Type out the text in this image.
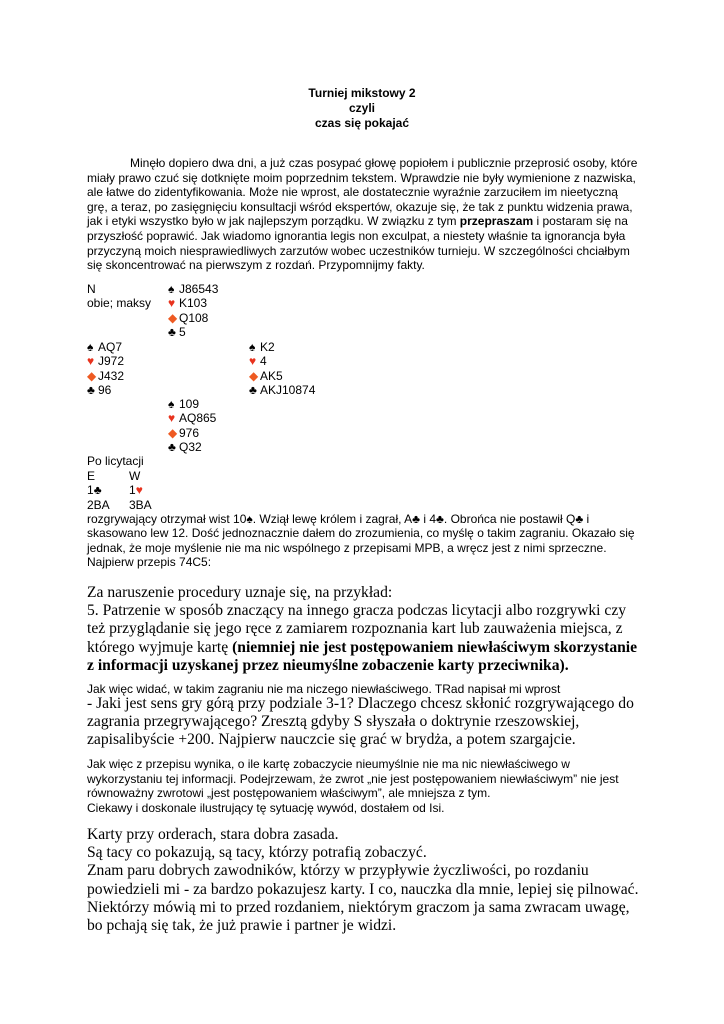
Turniej mikstowy 2
czyli
czas się pokajać

Minęło dopiero dwa dni, a już czas posypać głowę popiołem i publicznie przeprosić osoby, które miały prawo czuć się dotknięte moim poprzednim tekstem. Wprawdzie nie były wymienione z nazwiska, ale łatwe do zidentyfikowania. Może nie wprost, ale dostatecznie wyraźnie zarzuciłem im nieetyczną grę, a teraz, po zasięgnięciu konsultacji wśród ekspertów, okazuje się, że tak z punktu widzenia prawa, jak i etyki wszystko było w jak najlepszym porządku. W związku z tym przepraszam i postaram się na przyszłość poprawić. Jak wiadomo ignorantia legis non exculpat, a niestety właśnie ta ignorancja była przyczyną moich niesprawiedliwych zarzutów wobec uczestników turnieju. W szczególności chciałbym się skoncentrować na pierwszym z rozdań. Przypomnijmy fakty.

N
obie; maksy
♠ J86543
♥ K103
◆ Q108
♣ 5
♠ AQ7
♥ J972
◆ J432
♣ 96
♠ K2
♥ 4
◆ AK5
♣ AKJ10874
♠ 109
♥ AQ865
◆ 976
♣ Q32
Po licytacji
E	W
1♣ 1♥
2BA 3BA

rozgrywający otrzymał wist 10♠. Wziął lewę królem i zagrał, A♣ i 4♣. Obrońca nie postawił Q♣ i skasowano lew 12. Dość jednoznacznie dałem do zrozumienia, co myślę o takim zagraniu. Okazało się jednak, że moje myślenie nie ma nic wspólnego z przepisami MPB, a wręcz jest z nimi sprzeczne. Najpierw przepis 74C5:

Za naruszenie procedury uznaje się, na przykład:

5. Patrzenie w sposób znaczący na innego gracza podczas licytacji albo rozgrywki czy też przyglądanie się jego ręce z zamiarem rozpoznania kart lub zauważenia miejsca, z którego wyjmuje kartę (niemniej nie jest postępowaniem niewłaściwym skorzystanie z informacji uzyskanej przez nieumyślne zobaczenie karty przeciwnika).

Jak więc widać, w takim zagraniu nie ma niczego niewłaściwego. TRad napisał mi wprost
- Jaki jest sens gry górą przy podziale 3-1? Dlaczego chcesz skłonić rozgrywającego do zagrania przegrywającego? Zresztą gdyby S słyszała o doktrynie rzeszowskiej, zapisalibyście +200. Najpierw nauczcie się grać w brydża, a potem szargajcie.

Jak więc z przepisu wynika, o ile kartę zobaczycie nieumyślnie nie ma nic niewłaściwego w wykorzystaniu tej informacji. Podejrzewam, że zwrot „nie jest postępowaniem niewłaściwym” nie jest równoważny zwrotowi „jest postępowaniem właściwym”, ale mniejsza z tym.

Ciekawy i doskonale ilustrujący tę sytuację wywód, dostałem od Isi.

Karty przy orderach, stara dobra zasada.

Są tacy co pokazują, są tacy, którzy potrafią zobaczyć.

Znam paru dobrych zawodników, którzy w przypływie życzliwości, po rozdaniu powiedzieli mi - za bardzo pokazujesz karty. I co, nauczka dla mnie, lepiej się pilnować.

Niektórzy mówią mi to przed rozdaniem, niektórym graczom ja sama zwracam uwagę, bo pchają się tak, że już prawie i partner je widzi.
